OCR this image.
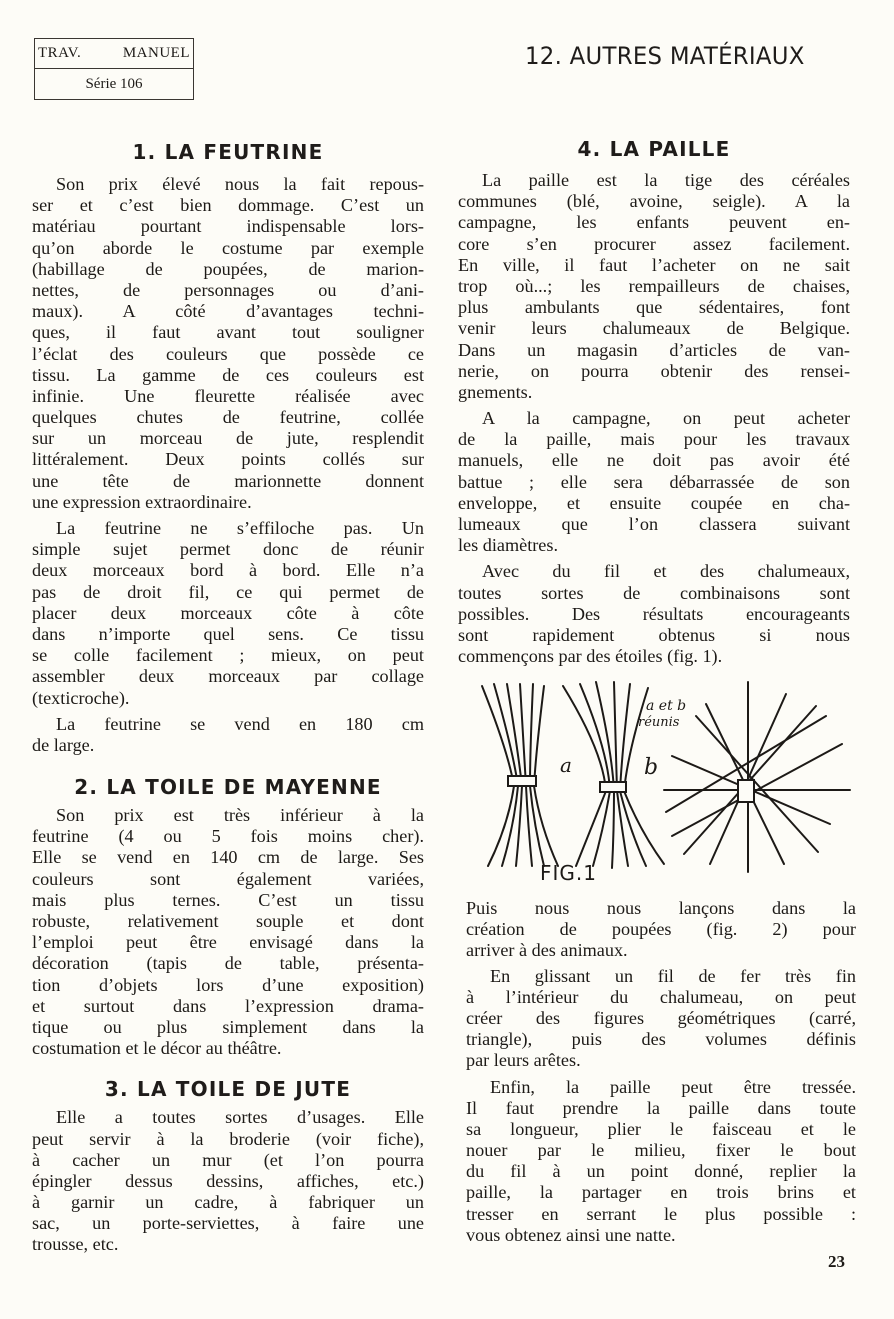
TRAV.	MANUEL
Série 106
12. AUTRES MATÉRIAUX
1. LA FEUTRINE
Son prix élevé nous la fait repous-
ser et c’est bien dommage. C’est un
matériau pourtant indispensable lors-
qu’on aborde le costume par exemple
(habillage de poupées, de marion-
nettes, de personnages ou d’ani-
maux). A côté d’avantages techni-
ques, il faut avant tout souligner
l’éclat des couleurs que possède ce
tissu. La gamme de ces couleurs est
infinie. Une fleurette réalisée avec
quelques chutes de feutrine, collée
sur un morceau de jute, resplendit
littéralement. Deux points collés sur
une tête de marionnette donnent
une expression extraordinaire.
La feutrine ne s’effiloche pas. Un
simple sujet permet donc de réunir
deux morceaux bord à bord. Elle n’a
pas de droit fil, ce qui permet de
placer deux morceaux côte à côte
dans n’importe quel sens. Ce tissu
se colle facilement ; mieux, on peut
assembler deux morceaux par collage
(texticroche).
La feutrine se vend en 180 cm
de large.
2. LA TOILE DE MAYENNE
Son prix est très inférieur à la
feutrine (4 ou 5 fois moins cher).
Elle se vend en 140 cm de large. Ses
couleurs sont également variées,
mais plus ternes. C’est un tissu
robuste, relativement souple et dont
l’emploi peut être envisagé dans la
décoration (tapis de table, présenta-
tion d’objets lors d’une exposition)
et surtout dans l’expression drama-
tique ou plus simplement dans la
costumation et le décor au théâtre.
3. LA TOILE DE JUTE
Elle a toutes sortes d’usages. Elle
peut servir à la broderie (voir fiche),
à cacher un mur (et l’on pourra
épingler dessus dessins, affiches, etc.)
à garnir un cadre, à fabriquer un
sac, un porte-serviettes, à faire une
trousse, etc.
4. LA PAILLE
La paille est la tige des céréales
communes (blé, avoine, seigle). A la
campagne, les enfants peuvent en-
core s’en procurer assez facilement.
En ville, il faut l’acheter on ne sait
trop où...; les rempailleurs de chaises,
plus ambulants que sédentaires, font
venir leurs chalumeaux de Belgique.
Dans un magasin d’articles de van-
nerie, on pourra obtenir des rensei-
gnements.
A la campagne, on peut acheter
de la paille, mais pour les travaux
manuels, elle ne doit pas avoir été
battue ; elle sera débarrassée de son
enveloppe, et ensuite coupée en cha-
lumeaux que l’on classera suivant
les diamètres.
Avec du fil et des chalumeaux,
toutes sortes de combinaisons sont
possibles. Des résultats encourageants
sont rapidement obtenus si nous
commençons par des étoiles (fig. 1).
a	b
a et b
réunis
FIG.1
Puis nous nous lançons dans la
création de poupées (fig. 2) pour
arriver à des animaux.
En glissant un fil de fer très fin
à l’intérieur du chalumeau, on peut
créer des figures géométriques (carré,
triangle), puis des volumes définis
par leurs arêtes.
Enfin, la paille peut être tressée.
Il faut prendre la paille dans toute
sa longueur, plier le faisceau et le
nouer par le milieu, fixer le bout
du fil à un point donné, replier la
paille, la partager en trois brins et
tresser en serrant le plus possible :
vous obtenez ainsi une natte.
23
